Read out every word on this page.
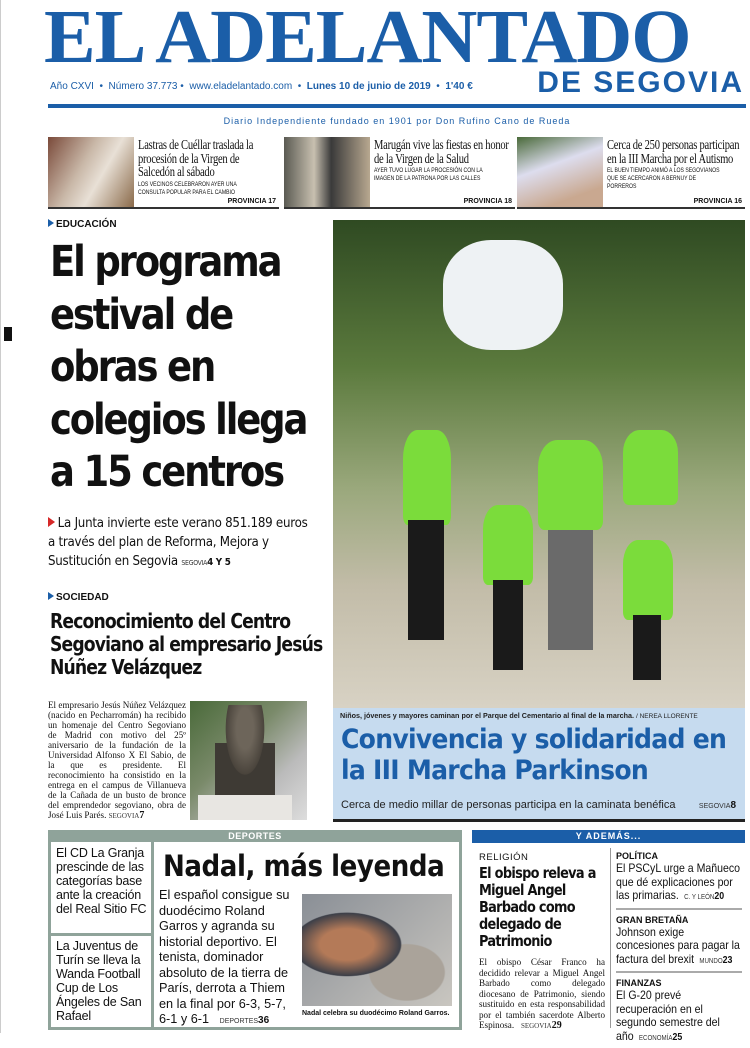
EL ADELANTADO
DE SEGOVIA
Año CXVI  •  Número 37.773 •  www.eladelantado.com  •  Lunes 10 de junio de 2019  •  1'40 €
Diario Independiente fundado en 1901 por Don Rufino Cano de Rueda
Lastras de Cuéllar traslada la procesión de la Virgen de Salcedón al sábado
LOS VECINOS CELEBRARON AYER UNA CONSULTA POPULAR PARA EL CAMBIO
PROVINCIA 17
Marugán vive las fiestas en honor de la Virgen de la Salud
AYER TUVO LUGAR LA PROCESIÓN CON LA IMAGEN DE LA PATRONA POR LAS CALLES
PROVINCIA 18
Cerca de 250 personas participan en la III Marcha por el Autismo
EL BUEN TIEMPO ANIMÓ A LOS SEGOVIANOS QUE SE ACERCARON A BERNUY DE PORREROS
PROVINCIA 16
EDUCACIÓN
El programa estival de obras en colegios llega a 15 centros
La Junta invierte este verano 851.189 euros a través del plan de Reforma, Mejora y Sustitución en Segovia SEGOVIA4 Y 5
SOCIEDAD
Reconocimiento del Centro Segoviano al empresario Jesús Núñez Velázquez
El empresario Jesús Núñez Velázquez (nacido en Pecharromán) ha recibido un homenaje del Centro Segoviano de Madrid con motivo del 25º aniversario de la fundación de la Universidad Alfonso X El Sabio, de la que es presidente. El reconocimiento ha consistido en la entrega en el campus de Villanueva de la Cañada de un busto de bronce del emprendedor segoviano, obra de José Luis Parés. SEGOVIA7
Niños, jóvenes y mayores caminan por el Parque del Cementario al final de la marcha. / NEREA LLORENTE
Convivencia y solidaridad en la III Marcha Parkinson
Cerca de medio millar de personas participa en la caminata benéfica	SEGOVIA8
DEPORTES
El CD La Granja prescinde de las categorías base ante la creación del Real Sitio FC
La Juventus de Turín se lleva la Wanda Football Cup de Los Ángeles de San Rafael
Nadal, más leyenda
El español consigue su duodécimo Roland Garros y agranda su historial deportivo. El tenista, dominador absoluto de la tierra de París, derrota a Thiem en la final por 6-3, 5-7, 6-1 y 6-1 DEPORTES36
Nadal celebra su duodécimo Roland Garros.
Y ADEMÁS...
RELIGIÓN
El obispo releva a Miguel Angel Barbado como delegado de Patrimonio
El obispo César Franco ha decidido relevar a Miguel Angel Barbado como delegado diocesano de Patrimonio, siendo sustituido en esta responsabilidad por el también sacerdote Alberto Espinosa. SEGOVIA29
POLÍTICA
El PSCyL urge a Mañueco que dé explicaciones por las primarias. C. Y LEÓN20
GRAN BRETAÑA
Johnson exige concesiones para pagar la factura del brexit MUNDO23
FINANZAS
El G-20 prevé recuperación en el segundo semestre del año ECONOMÍA25
